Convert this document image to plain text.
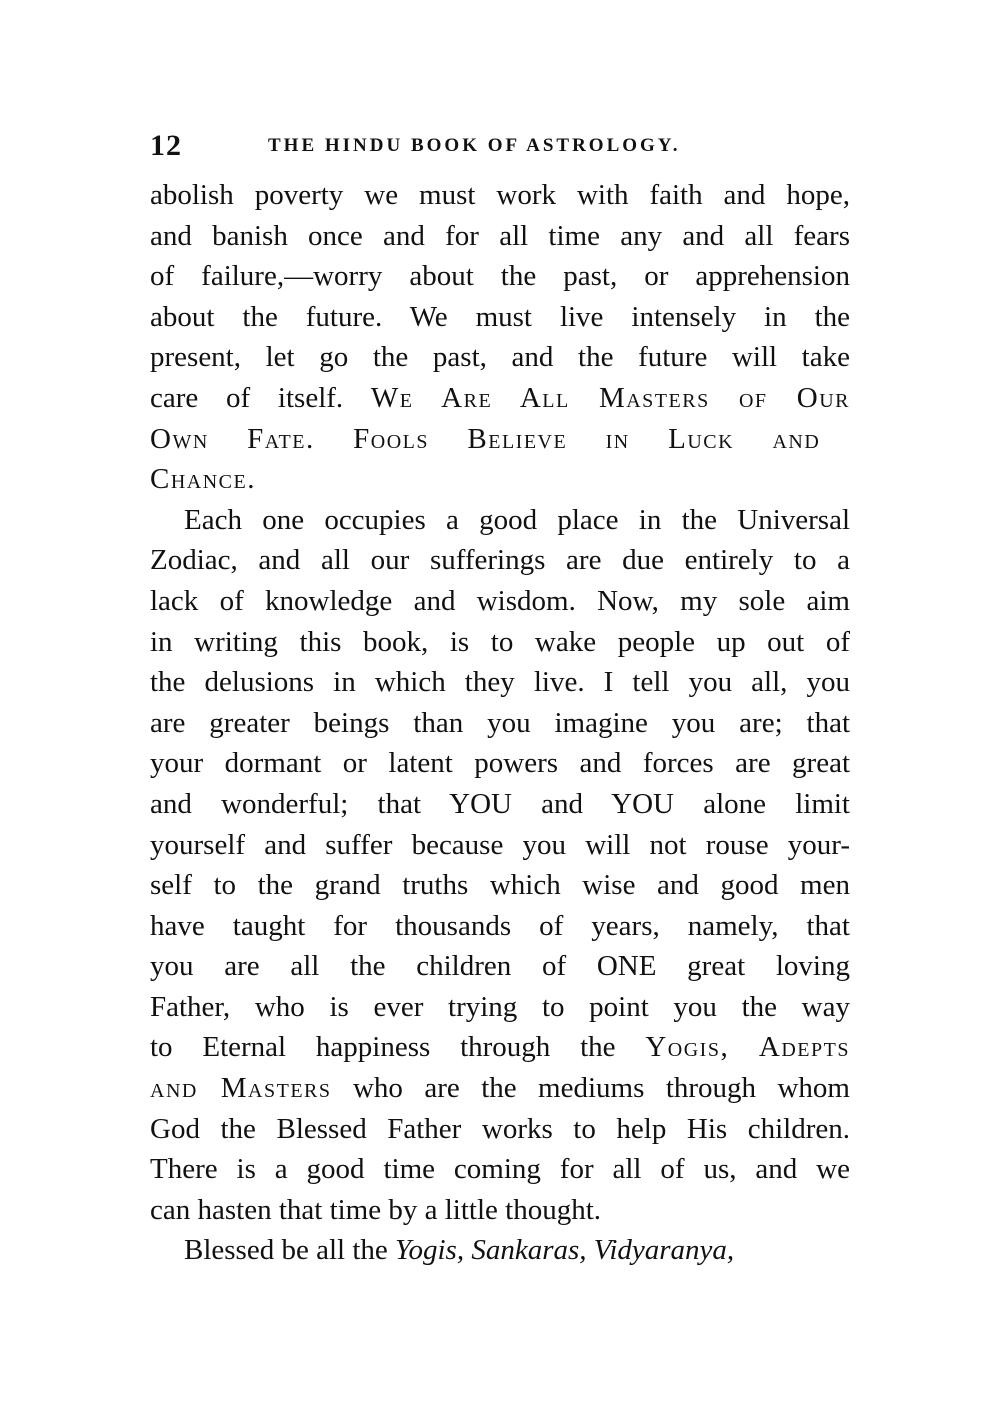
12	THE HINDU BOOK OF ASTROLOGY.
abolish poverty we must work with faith and hope,
and banish once and for all time any and all fears
of failure,—worry about the past, or apprehension
about the future. We must live intensely in the
present, let go the past, and the future will take
care of itself. We Are All Masters of Our
Own Fate. Fools Believe in Luck and
Chance.
Each one occupies a good place in the Universal
Zodiac, and all our sufferings are due entirely to a
lack of knowledge and wisdom. Now, my sole aim
in writing this book, is to wake people up out of
the delusions in which they live. I tell you all, you
are greater beings than you imagine you are; that
your dormant or latent powers and forces are great
and wonderful; that YOU and YOU alone limit
yourself and suffer because you will not rouse your-
self to the grand truths which wise and good men
have taught for thousands of years, namely, that
you are all the children of ONE great loving
Father, who is ever trying to point you the way
to Eternal happiness through the Yogis, Adepts
and Masters who are the mediums through whom
God the Blessed Father works to help His children.
There is a good time coming for all of us, and we
can hasten that time by a little thought.
Blessed be all the Yogis, Sankaras, Vidyaranya,
